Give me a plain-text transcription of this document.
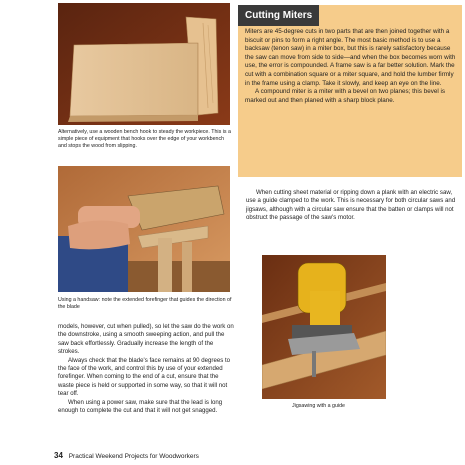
Alternatively, use a wooden bench hook to steady the workpiece. This is a simple piece of equipment that hooks over the edge of your workbench and stops the wood from slipping.
Using a handsaw: note the extended forefinger that guides the direction of the blade
Cutting Miters

Miters are 45-degree cuts in two parts that are then joined together with a biscuit or pins to form a right angle. The most basic method is to use a backsaw (tenon saw) in a miter box, but this is rarely satisfactory because the saw can move from side to side—and when the box becomes worn with use, the error is compounded. A frame saw is a far better solution. Mark the cut with a combination square or a miter square, and hold the lumber firmly in the frame using a clamp. Take it slowly, and keep an eye on the line.

A compound miter is a miter with a bevel on two planes; this bevel is marked out and then planed with a sharp block plane.

When cutting sheet material or ripping down a plank with an electric saw, use a guide clamped to the work. This is necessary for both circular saws and jigsaws, although with a circular saw ensure that the batten or clamps will not obstruct the passage of the saw's motor.

Jigsawing with a guide

models, however, cut when pulled), so let the saw do the work on the downstroke, using a smooth sweeping action, and pull the saw back effortlessly. Gradually increase the length of the strokes.

Always check that the blade's face remains at 90 degrees to the face of the work, and control this by use of your extended forefinger. When coming to the end of a cut, ensure that the waste piece is held or supported in some way, so that it will not tear off.

When using a power saw, make sure that the lead is long enough to complete the cut and that it will not get snagged.

34 Practical Weekend Projects for Woodworkers
